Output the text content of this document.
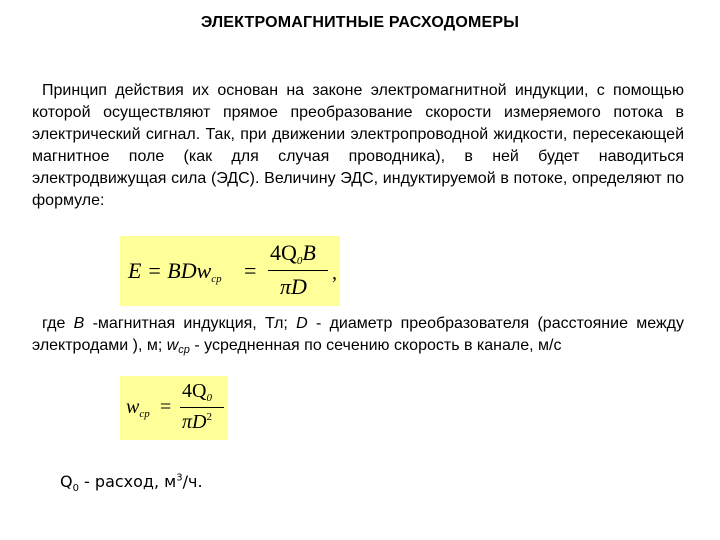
ЭЛЕКТРОМАГНИТНЫЕ РАСХОДОМЕРЫ
Принцип действия их основан на законе электромагнитной индукции, с помощью которой осуществляют прямое преобразование скорости измеряемого потока в электрический сигнал. Так, при движении электропроводной жидкости, пересекающей магнитное поле (как для случая проводника), в ней будет наводиться электродвижущая сила (ЭДС). Величину ЭДС, индуктируемой в потоке, определяют по формуле:
E = BDw$_{ср}$ =
$4Q_0B$
πD
,
где B -магнитная индукция, Тл; D - диаметр преобразователя (расстояние между электродами ), м; wср - усредненная по сечению скорость в канале, м/с
$w_{ср}$ =
$4Q_0$
$\pi D^2$
$Q_0$ - расход, $м^3/ч$.
